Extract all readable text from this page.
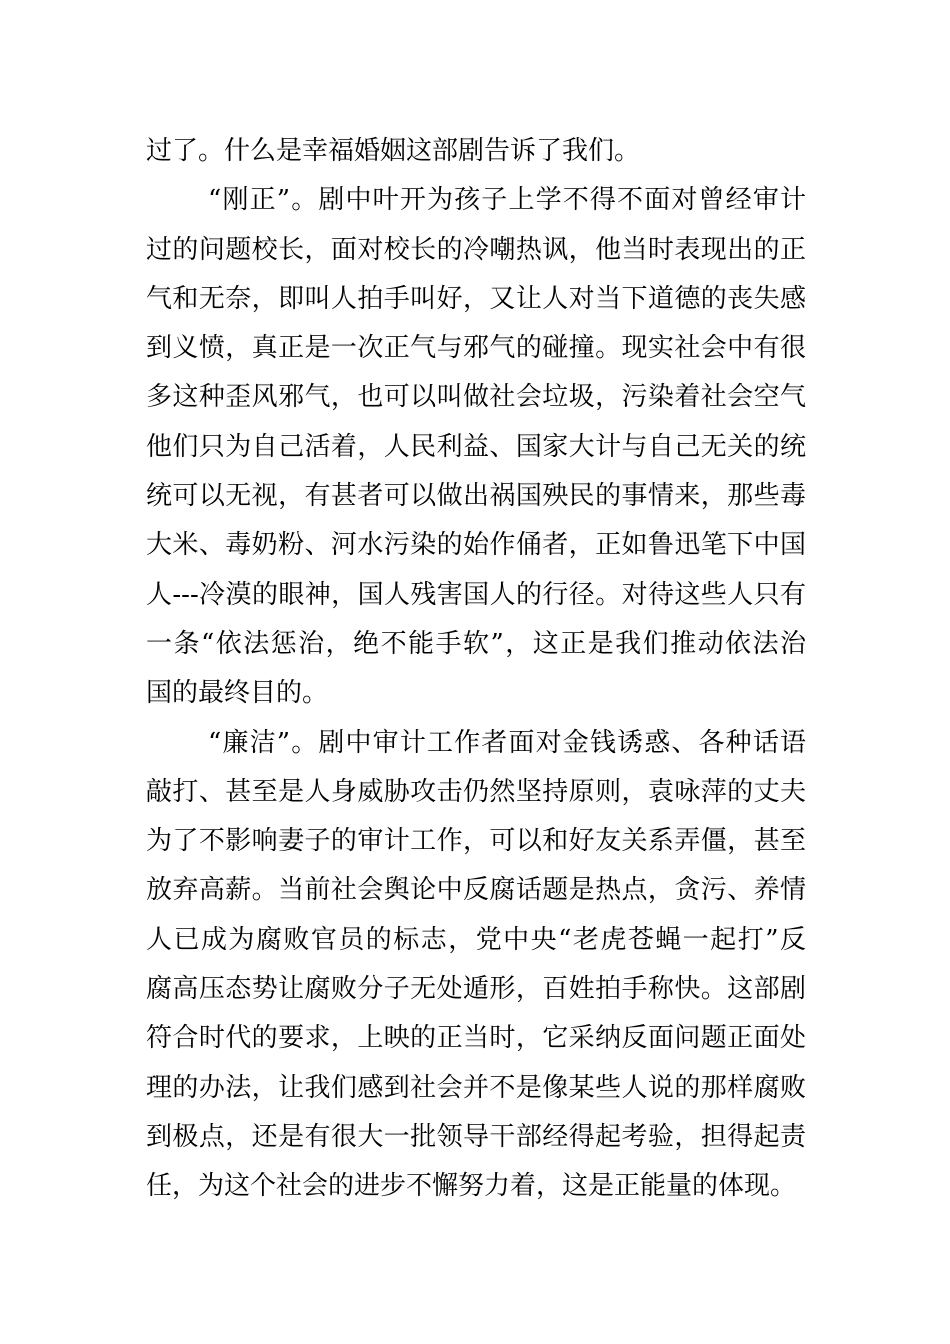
过了。什么是幸福婚姻这部剧告诉了我们。
“刚正”。剧中叶开为孩子上学不得不面对曾经审计
过的问题校长，面对校长的冷嘲热讽，他当时表现出的正
气和无奈，即叫人拍手叫好，又让人对当下道德的丧失感
到义愤，真正是一次正气与邪气的碰撞。现实社会中有很
多这种歪风邪气，也可以叫做社会垃圾，污染着社会空气
他们只为自己活着，人民利益、国家大计与自己无关的统
统可以无视，有甚者可以做出祸国殃民的事情来，那些毒
大米、毒奶粉、河水污染的始作俑者，正如鲁迅笔下中国
人---冷漠的眼神，国人残害国人的行径。对待这些人只有
一条“依法惩治，绝不能手软”，这正是我们推动依法治
国的最终目的。
“廉洁”。剧中审计工作者面对金钱诱惑、各种话语
敲打、甚至是人身威胁攻击仍然坚持原则，袁咏萍的丈夫
为了不影响妻子的审计工作，可以和好友关系弄僵，甚至
放弃高薪。当前社会舆论中反腐话题是热点，贪污、养情
人已成为腐败官员的标志，党中央“老虎苍蝇一起打”反
腐高压态势让腐败分子无处遁形，百姓拍手称快。这部剧
符合时代的要求，上映的正当时，它采纳反面问题正面处
理的办法，让我们感到社会并不是像某些人说的那样腐败
到极点，还是有很大一批领导干部经得起考验，担得起责
任，为这个社会的进步不懈努力着，这是正能量的体现。
